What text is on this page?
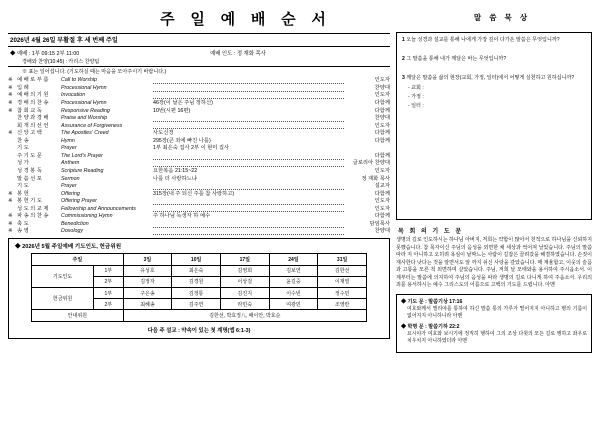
주 일 예 배 순 서	말 씀 묵 상
2026년 4월 26일 부활절 후 세 번째 주일
◆ 예배 : 1부 09:15 2부 11:00	예배 인도 : 정 재화 목사
경배와 찬양(10:45) : 카리스 찬양팀
※ 표는 일어섭니다. (기도하실 때는 마음을 모아주시기 바랍니다.)
※	예 배 로 부 름	Call to Worship		인도자
※	입 례	Processional Hymn		찬양대
※	예 배 의 기 원	Invocation		인도자
※	경 배 의 찬 송	Processional Hymn	46장(이 날은 주님 정하신)	다함께
※	참 회 교 독	Responsive Reading	10번(시편 16편)	다함께
	찬 양 과 경 배	Praise and Worship		찬양대
	회 개 의 선 언	Assurance of Forgiveness		인도자
※	신 앙 고 백	The Apostles' Creed	사도신경	다함께
	찬 송	Hymn	295장(큰 죄에 빠진 나를)	다함께
	기 도	Prayer	1부 최은숙 집사 2부 이 현미 집사	
	주 기 도 문	The Lord's Prayer		다함께
	성 가	Anthem		글로리아 찬양대
	성 경 봉 독	Scripture Reading	요한복음 21:15~22	인도자
	말 씀 선 포	Sermon	나를 더 사랑하느냐	정 재화 목사
	기 도	Prayer		설교자
※	봉 헌	Offering	315장(내 주 되신 주를 참 사랑하고)	다함께
※	봉 헌 기 도	Offering Prayer		인도자
	성 도 의 교 제	Fellowship and Announcements		인도자
※	파 송 의 찬 송	Commissioning Hymn	주 하나님 독생자 하 예수	다함께
※	축 도	Benediction		담임목사
※	송 영	Doxology		찬양대
◆ 2026년 5월 주일예배 기도인도, 헌금위원
주일		3일	10일	17일	24일	31일
기도인도	1부	유성호	최은숙	김영희	김보연	김한선
	2부	김정자	김경원	이상걸	윤길중	이재열
헌금위원	1부	구은송	김정통	김진지	이수빈	정수민
	2부	최혜송	김주연	라민숙	여광민	조영란
안내위원		김한선, 박효정八, 배이안, 박효순				
다음 주 설교 : 약속이 있는 첫 계명(엡 6:1-3)
1 오늘 성경과 설교를 통해 나에게 가장 깊이 다가온 말씀은 무엇입니까?
2 그 말씀을 통해 내가 깨달은 바는 무엇입니까?
3 깨달은 말씀을 삶의 현장(교회, 가정, 일터)에서 어떻게 실천하고 원하십니까?
- 교회 :
- 가정 :
- 일터 :
목 회 의 기 도 문
생명의 길로 인도하시는 하나님 아버지, 저희는 약함이 많아서 천적으로 하나님을 신뢰하지 못했습니다. 참 목자이신 주님의 음성을 외면한 채 세상과 썩어져 날았습니다. 주님의 말씀 따라 지 아니하고 오히려 욕심이 낱짜느는 사람이 길잡은 끌려갔을 해결하였습니다. 손짓이 재사한다 낫다는 것을 알면서도 알 까지 쉬신 사랑을 갚았습니다. 매 계율합고, 이웃의 슬픔과 고통을 모른 척 외면하며 살았습니다. 주님, 저희 날 모태와을 용서하여 주시옵소서. 이제부터는 말씀에 의지하여 주님의 음성을 따라 생명의 길로 다니게 하여 주옵소서. 우리의 죄를 용서하시는 예수 그리스도의 이름으로 고백의 기도를 드립니다. 아멘
◆ 기도 문 : 말씀기상 17:16
여호와께서 엘리야를 통하여 하신 말씀 통의 가루가 떨어지지 아니하고 병의 기름이 없어지지 아니하니라 아멘
◆ 학명 문 : 말씀기하 22:2
요시야가 여호와 보시기에 정직히 행하여 그의 조상 다윗의 모든 길로 행하고 좌우로 치우치지 아니하였더라 아멘
